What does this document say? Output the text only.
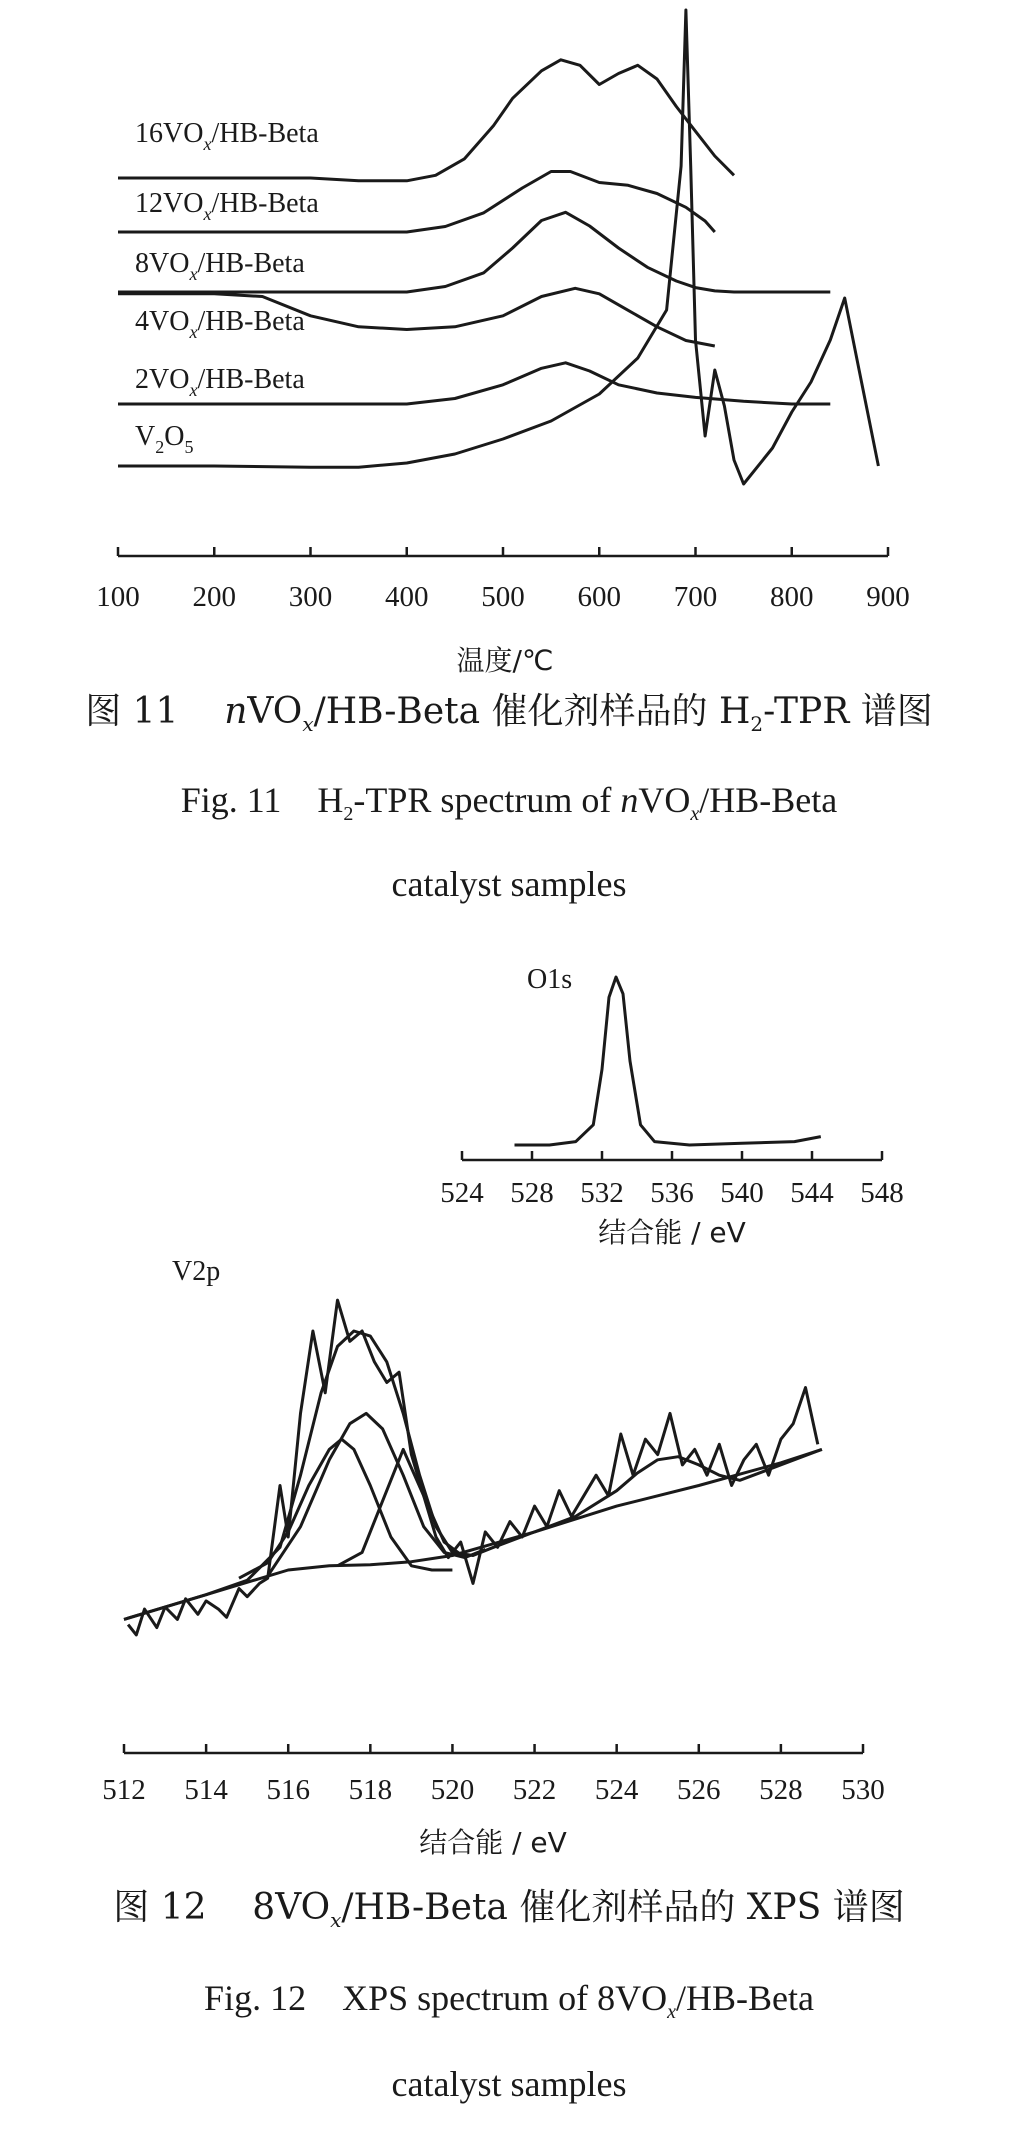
$16VO_x/HB$-Beta
$12VO_x/HB$-Beta
$8VO_x/HB$-Beta
$4VO_x/HB$-Beta
$2VO_x/HB$-Beta
$V_2O_5$
100 200 300 400 500 600 700 800 900
温度/℃
图 11 nVO$_x$/HB-Beta 催化剂样品的 $H_2$-TPR 谱图
Fig. 11 $H_2$-TPR spectrum of nVO$_x$/HB-Beta
catalyst samples
O1s
524 528 532 536 540 544 548
结合能 / eV
V2p
512 514 516 518 520 522 524 526 528 530
结合能 / eV
图 12 $8VO_x/HB$-Beta 催化剂样品的 XPS 谱图
Fig. 12 XPS spectrum of $8VO_x/HB$-Beta
catalyst samples
